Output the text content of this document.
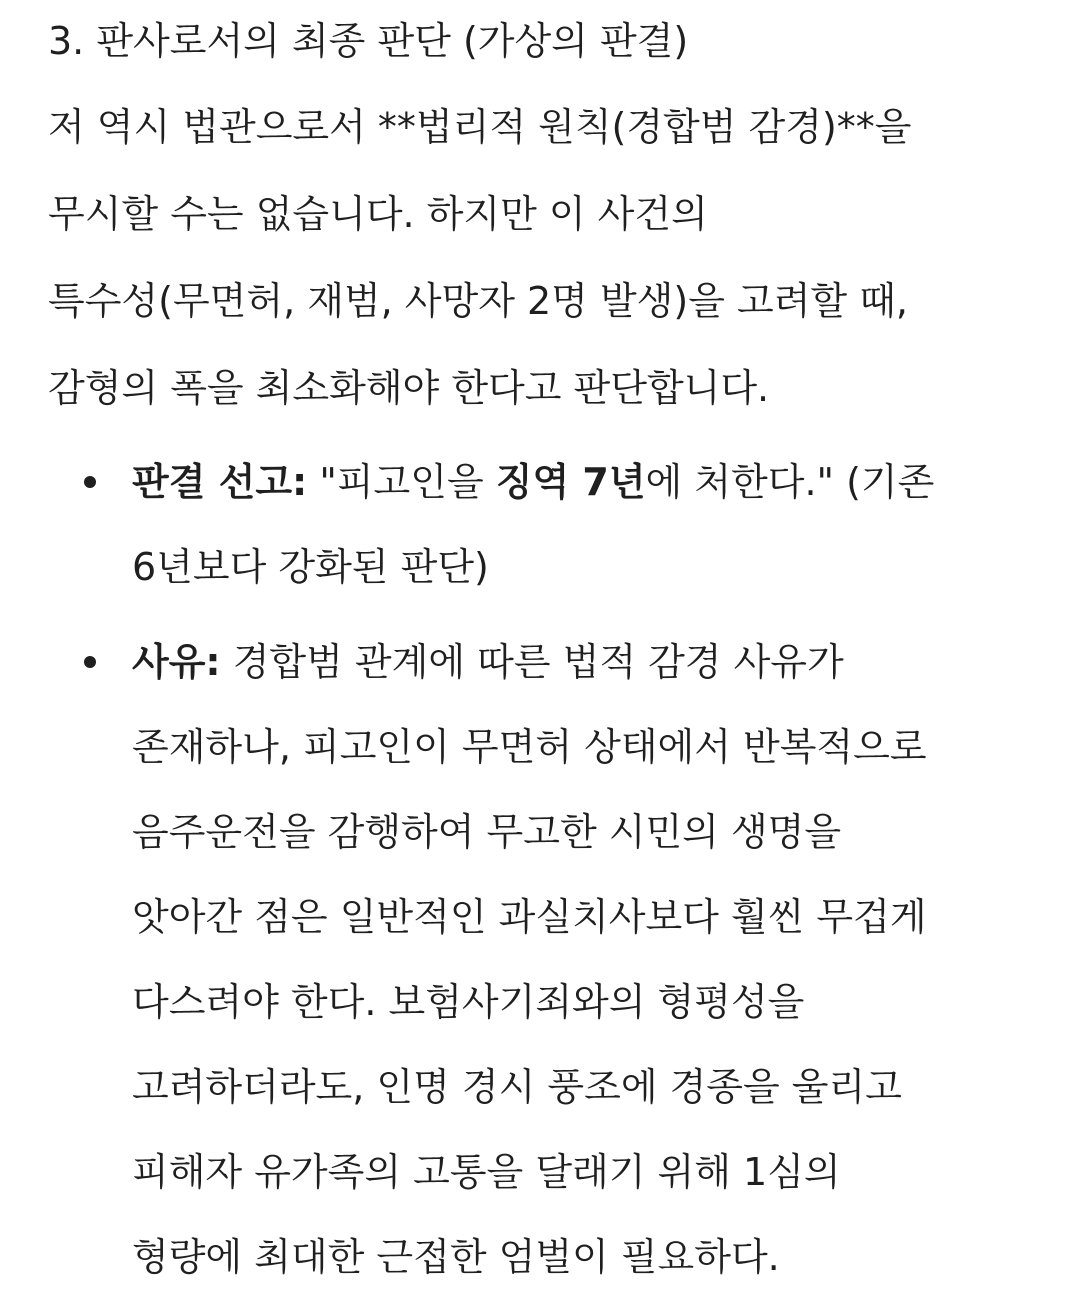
3. 판사로서의 최종 판단 (가상의 판결)

저 역시 법관으로서 **법리적 원칙(경합범 감경)**을
무시할 수는 없습니다. 하지만 이 사건의
특수성(무면허, 재범, 사망자 2명 발생)을 고려할 때,
감형의 폭을 최소화해야 한다고 판단합니다.

판결 선고: "피고인을 징역 7년에 처한다." (기존
6년보다 강화된 판단)
사유: 경합범 관계에 따른 법적 감경 사유가
존재하나, 피고인이 무면허 상태에서 반복적으로
음주운전을 감행하여 무고한 시민의 생명을
앗아간 점은 일반적인 과실치사보다 훨씬 무겁게
다스려야 한다. 보험사기죄와의 형평성을
고려하더라도, 인명 경시 풍조에 경종을 울리고
피해자 유가족의 고통을 달래기 위해 1심의
형량에 최대한 근접한 엄벌이 필요하다.
